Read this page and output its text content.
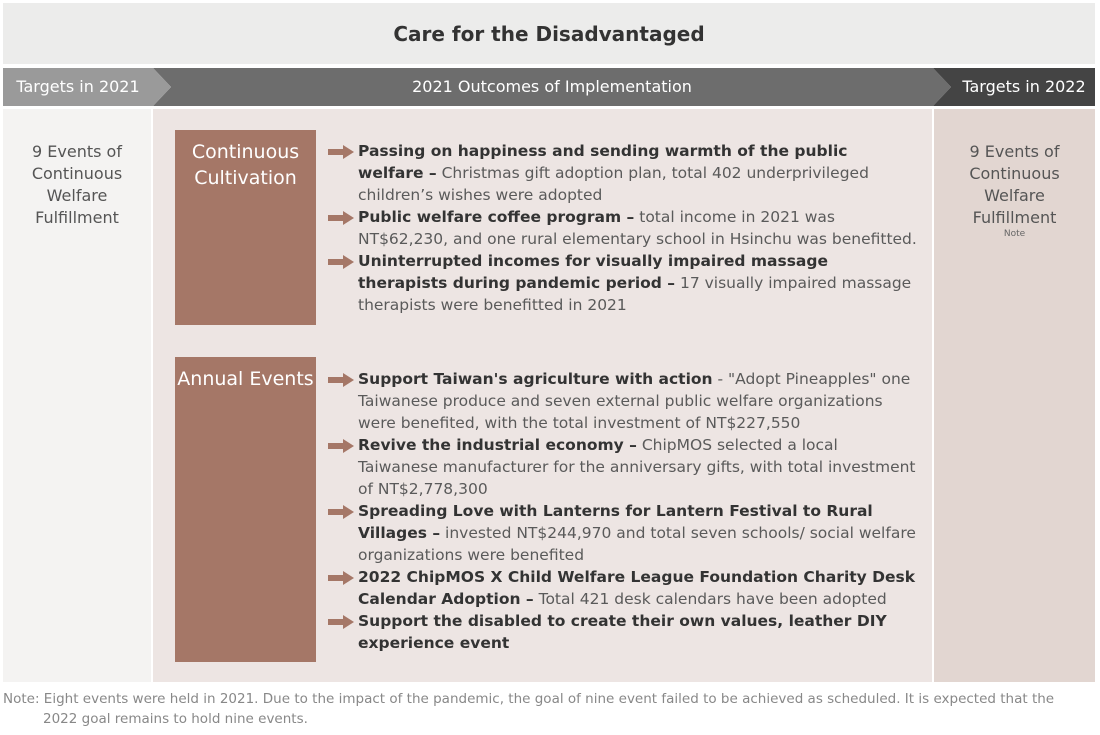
Care for the Disadvantaged
Targets in 2021	2021 Outcomes of Implementation	Targets in 2022
9 Events of Continuous Welfare Fulfillment
9 Events of Continuous Welfare Fulfillment
Note
Continuous Cultivation
Passing on happiness and sending warmth of the public welfare – Christmas gift adoption plan, total 402 underprivileged children’s wishes were adopted
Public welfare coffee program – total income in 2021 was NT$62,230, and one rural elementary school in Hsinchu was benefitted.
Uninterrupted incomes for visually impaired massage therapists during pandemic period – 17 visually impaired massage therapists were benefitted in 2021
Annual Events	Support Taiwan's agriculture with action - "Adopt Pineapples" one Taiwanese produce and seven external public welfare organizations were benefited, with the total investment of NT$227,550
Revive the industrial economy – ChipMOS selected a local Taiwanese manufacturer for the anniversary gifts, with total investment of NT$2,778,300
Spreading Love with Lanterns for Lantern Festival to Rural Villages – invested NT$244,970 and total seven schools/ social welfare organizations were benefited
2022 ChipMOS X Child Welfare League Foundation Charity Desk Calendar Adoption – Total 421 desk calendars have been adopted
Support the disabled to create their own values, leather DIY experience event
Note: Eight events were held in 2021. Due to the impact of the pandemic, the goal of nine event failed to be achieved as scheduled. It is expected that the
2022 goal remains to hold nine events.
